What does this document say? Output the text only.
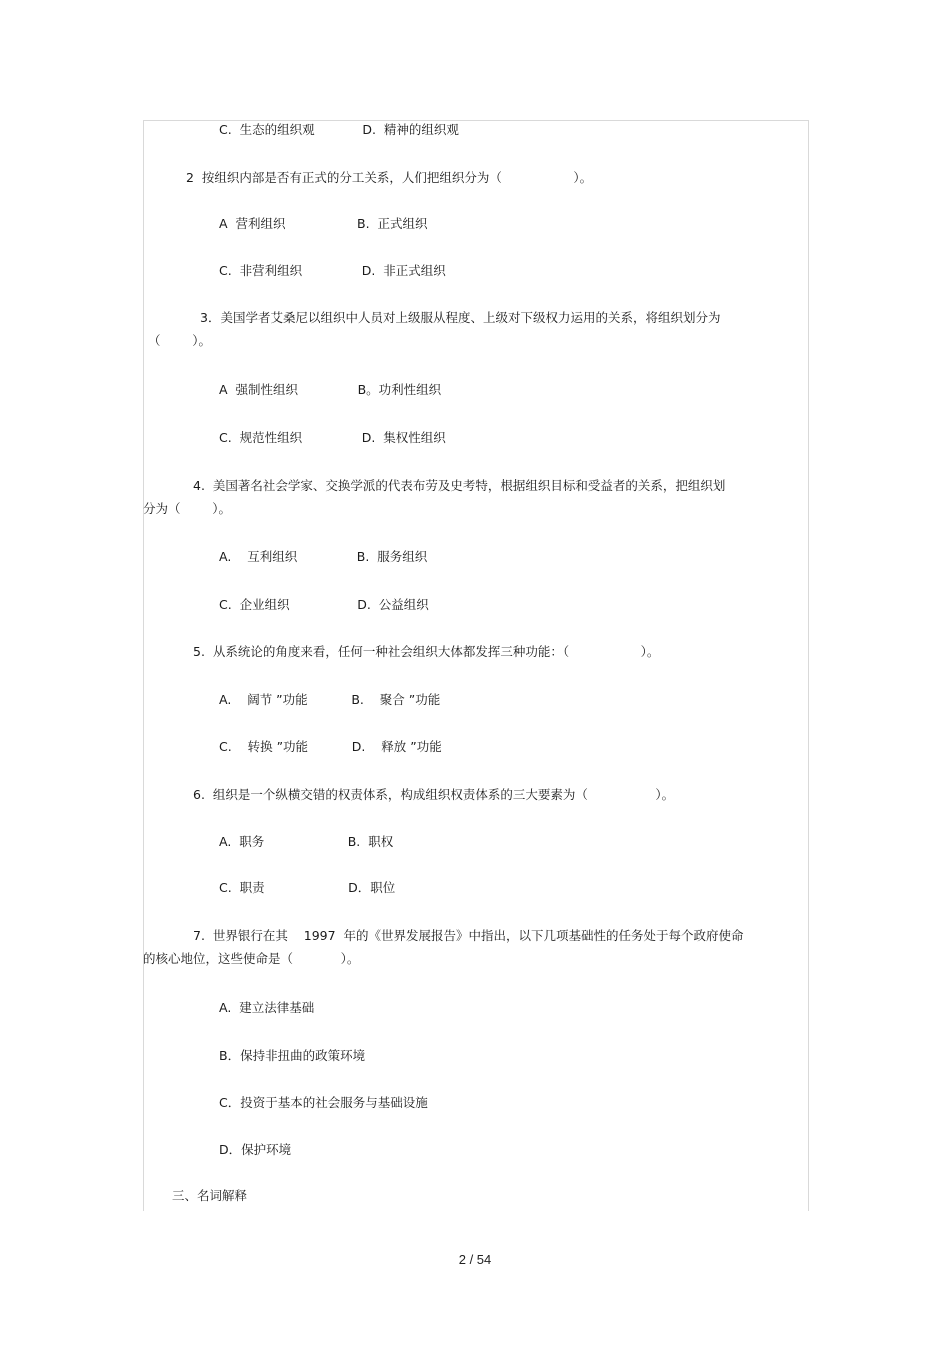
C.  生态的组织观            D.  精神的组织观
2  按组织内部是否有正式的分工关系，人们把组织分为（                  ）。
A  营利组织                  B.  正式组织
C.  非营利组织               D.  非正式组织
3．美国学者艾桑尼以组织中人员对上级服从程度、上级对下级权力运用的关系，将组织划分为
（        ）。
A  强制性组织               B。功利性组织
C.  规范性组织               D.  集权性组织
4.  美国著名社会学家、交换学派的代表布劳及史考特，根据组织目标和受益者的关系，把组织划
分为（        ）。
A.    互利组织               B.  服务组织
C.  企业组织                 D.  公益组织
5.  从系统论的角度来看，任何一种社会组织大体都发挥三种功能：（                  ）。
A.    阔节 ”功能           B.    聚合 ”功能
C.    转换 ”功能           D.    释放 ”功能
6.  组织是一个纵横交错的权责体系，构成组织权责体系的三大要素为（                 ）。
A.  职务                     B.  职权
C.  职责                     D．职位
7.  世界银行在其    1997  年的《世界发展报告》中指出，以下几项基础性的任务处于每个政府使命
的核心地位，这些使命是（            ）。
A.  建立法律基础
B．保持非扭曲的政策环境
C．投资于基本的社会服务与基础设施
D．保护环境
三、名词解释
2 / 54
